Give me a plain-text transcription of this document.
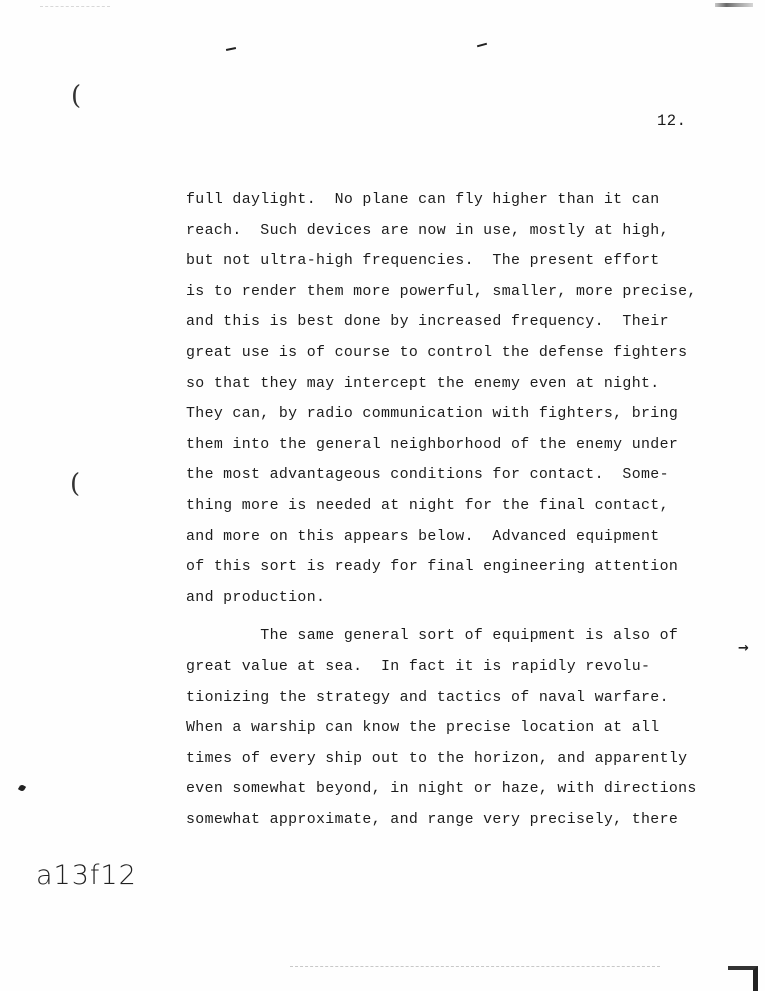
(
(
12.
full daylight.  No plane can fly higher than it can
reach.  Such devices are now in use, mostly at high,
but not ultra-high frequencies.  The present effort
is to render them more powerful, smaller, more precise,
and this is best done by increased frequency.  Their
great use is of course to control the defense fighters
so that they may intercept the enemy even at night.
They can, by radio communication with fighters, bring
them into the general neighborhood of the enemy under
the most advantageous conditions for contact.  Some-
thing more is needed at night for the final contact,
and more on this appears below.  Advanced equipment
of this sort is ready for final engineering attention
and production.
The same general sort of equipment is also of
great value at sea.  In fact it is rapidly revolu-
tionizing the strategy and tactics of naval warfare.
When a warship can know the precise location at all
times of every ship out to the horizon, and apparently
even somewhat beyond, in night or haze, with directions
somewhat approximate, and range very precisely, there
→
a13f12
